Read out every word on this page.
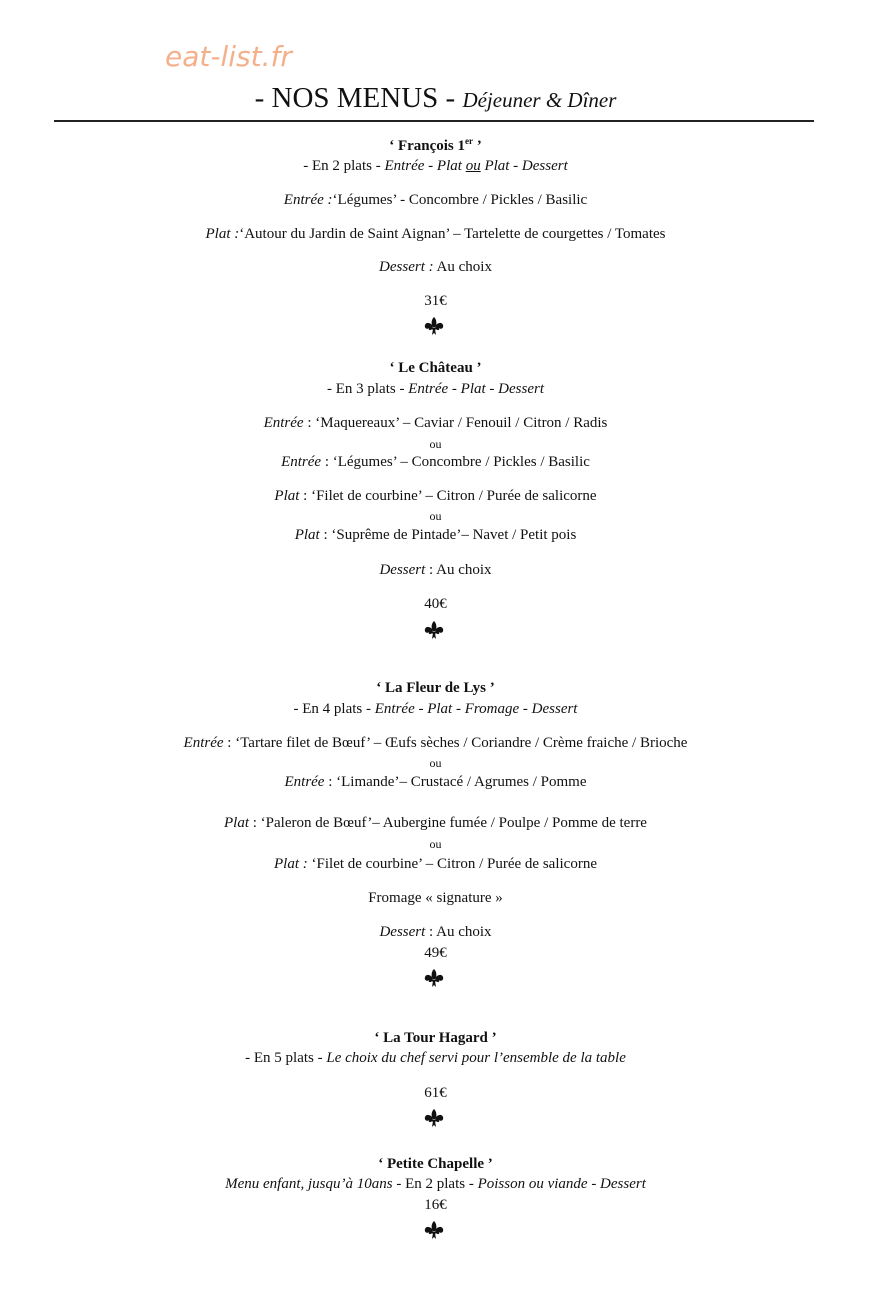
eat-list.fr
- NOS MENUS - Déjeuner & Dîner
‘ François 1er ’
- En 2 plats - Entrée - Plat ou Plat - Dessert
Entrée :‘Légumes’ - Concombre / Pickles / Basilic
Plat :‘Autour du Jardin de Saint Aignan’ – Tartelette de courgettes / Tomates
Dessert : Au choix
31€
‘ Le Château ’
- En 3 plats - Entrée - Plat - Dessert
Entrée : ‘Maquereaux’ – Caviar / Fenouil / Citron / Radis
ou
Entrée : ‘Légumes’ – Concombre / Pickles / Basilic
Plat : ‘Filet de courbine’ – Citron / Purée de salicorne
ou
Plat : ‘Suprême de Pintade’– Navet / Petit pois
Dessert : Au choix
40€
‘ La Fleur de Lys ’
- En 4 plats - Entrée - Plat - Fromage - Dessert
Entrée : ‘Tartare filet de Bœuf’ – Œufs sèches / Coriandre / Crème fraiche / Brioche
ou
Entrée : ‘Limande’– Crustacé / Agrumes / Pomme
Plat : ‘Paleron de Bœuf’– Aubergine fumée / Poulpe / Pomme de terre
ou
Plat : ‘Filet de courbine’ – Citron / Purée de salicorne
Fromage « signature »
Dessert : Au choix
49€
‘ La Tour Hagard ’
- En 5 plats - Le choix du chef servi pour l’ensemble de la table
61€
‘ Petite Chapelle ’
Menu enfant, jusqu’à 10ans - En 2 plats - Poisson ou viande - Dessert
16€
